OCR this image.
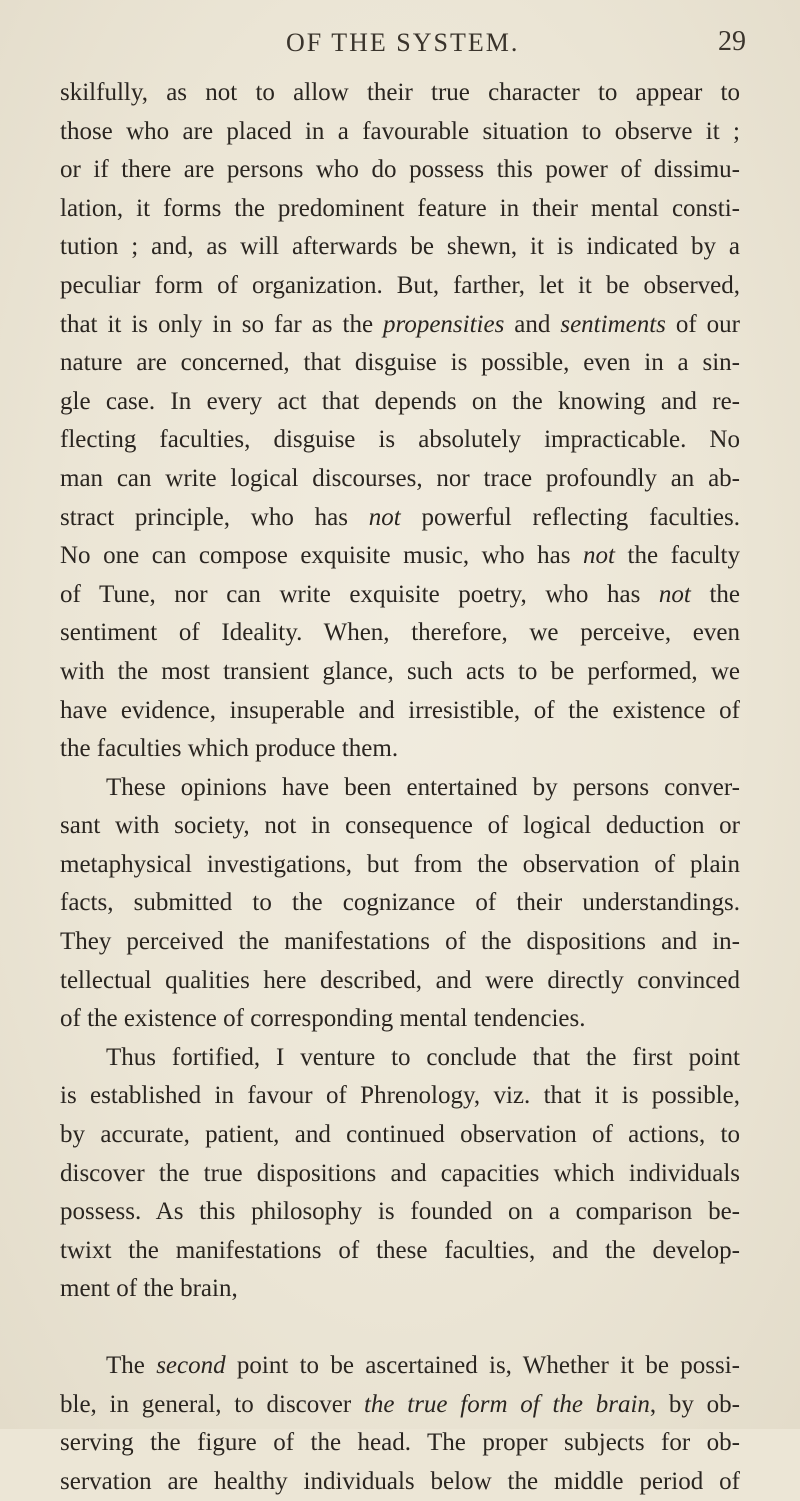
OF THE SYSTEM.	29
skilfully, as not to allow their true character to appear to
those who are placed in a favourable situation to observe it ;
or if there are persons who do possess this power of dissimu-
lation, it forms the predominent feature in their mental consti-
tution ; and, as will afterwards be shewn, it is indicated by a
peculiar form of organization. But, farther, let it be observed,
that it is only in so far as the propensities and sentiments of our
nature are concerned, that disguise is possible, even in a sin-
gle case. In every act that depends on the knowing and re-
flecting faculties, disguise is absolutely impracticable. No
man can write logical discourses, nor trace profoundly an ab-
stract principle, who has not powerful reflecting faculties.
No one can compose exquisite music, who has not the faculty
of Tune, nor can write exquisite poetry, who has not the
sentiment of Ideality. When, therefore, we perceive, even
with the most transient glance, such acts to be performed, we
have evidence, insuperable and irresistible, of the existence of
the faculties which produce them.
These opinions have been entertained by persons conver-
sant with society, not in consequence of logical deduction or
metaphysical investigations, but from the observation of plain
facts, submitted to the cognizance of their understandings.
They perceived the manifestations of the dispositions and in-
tellectual qualities here described, and were directly convinced
of the existence of corresponding mental tendencies.
Thus fortified, I venture to conclude that the first point
is established in favour of Phrenology, viz. that it is possible,
by accurate, patient, and continued observation of actions, to
discover the true dispositions and capacities which individuals
possess. As this philosophy is founded on a comparison be-
twixt the manifestations of these faculties, and the develop-
ment of the brain,
The second point to be ascertained is, Whether it be possi-
ble, in general, to discover the true form of the brain, by ob-
serving the figure of the head. The proper subjects for ob-
servation are healthy individuals below the middle period of
